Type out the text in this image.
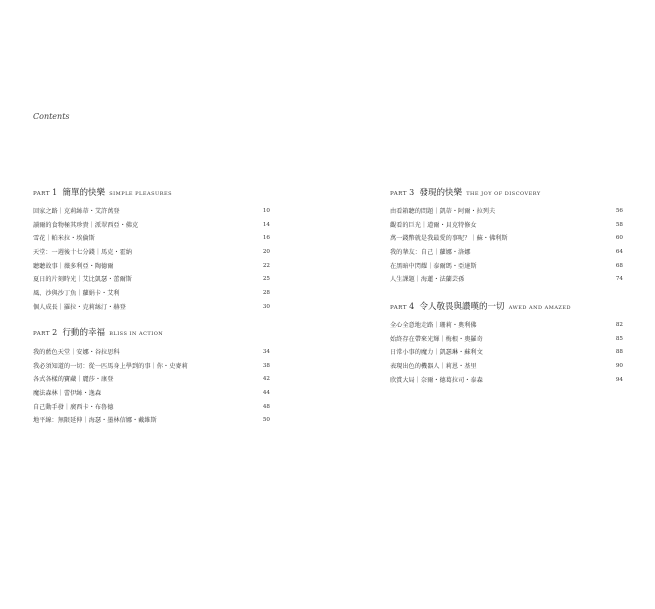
Contents
PART 1 簡單的快樂 SIMPLE PLEASURES
回家之路｜克莉絲蒂・艾許萬登	10
讀爾的食物極其珍貴｜派翠西亞・佛克	14
雪花｜帕米拉・埃倫斯	16
天堂：一週後十七分錢｜馬克・霍納	20
聽聽故事｜薇多利亞・陶德爾	22
夏日的片刻時光｜艾比凱瑟・蕾爾斯	25
風、沙與沙丁魚｜蘿娟卡・艾利	28
個人成長｜羅拉・克莉絲汀・赫登	30
PART 2 行動的幸福 BLISS IN ACTION
我的藍色天堂｜安娜・谷拉思科	34
我必須知道的一切：從一匹馬身上學到的事｜你・史麥莉	38
各式各樣的寶藏｜麗莎・康登	42
魔法森林｜蕾伊絲・逸森	44
自己動手發｜廣西卡・布魯德	48
地平線：無限延伸｜海瑟・墨林信娜・戴維斯	50
PART 3 發現的快樂 THE JOY OF DISCOVERY
由看箱聽的問題｜凱蒂・阿爾・拉列夫	56
觀看的巨光｜道爾・貝克特修女	58
萬一錢幣就是我最愛的事呢？｜蘇・佛利斯	60
我的摯友：自己｜蘿娜・洛娜	64
在黑暗中閃耀｜泰爾瑪・亞達斯	68
人生課題｜海蓮・法蘭芸孫	74
PART 4 令人敬畏與讚嘆的一切 AWED AND AMAZED
全心全意地走路｜珊莉・奧利佛	82
始終存在帶來光輝｜梅根・奧羅奇	85
日常小事的魔力｜凱瑟琳・蘇利文	88
表現出色的機器人｜莉恩・基里	90
欣賞大局｜奈爾・德葛拉司・泰森	94
